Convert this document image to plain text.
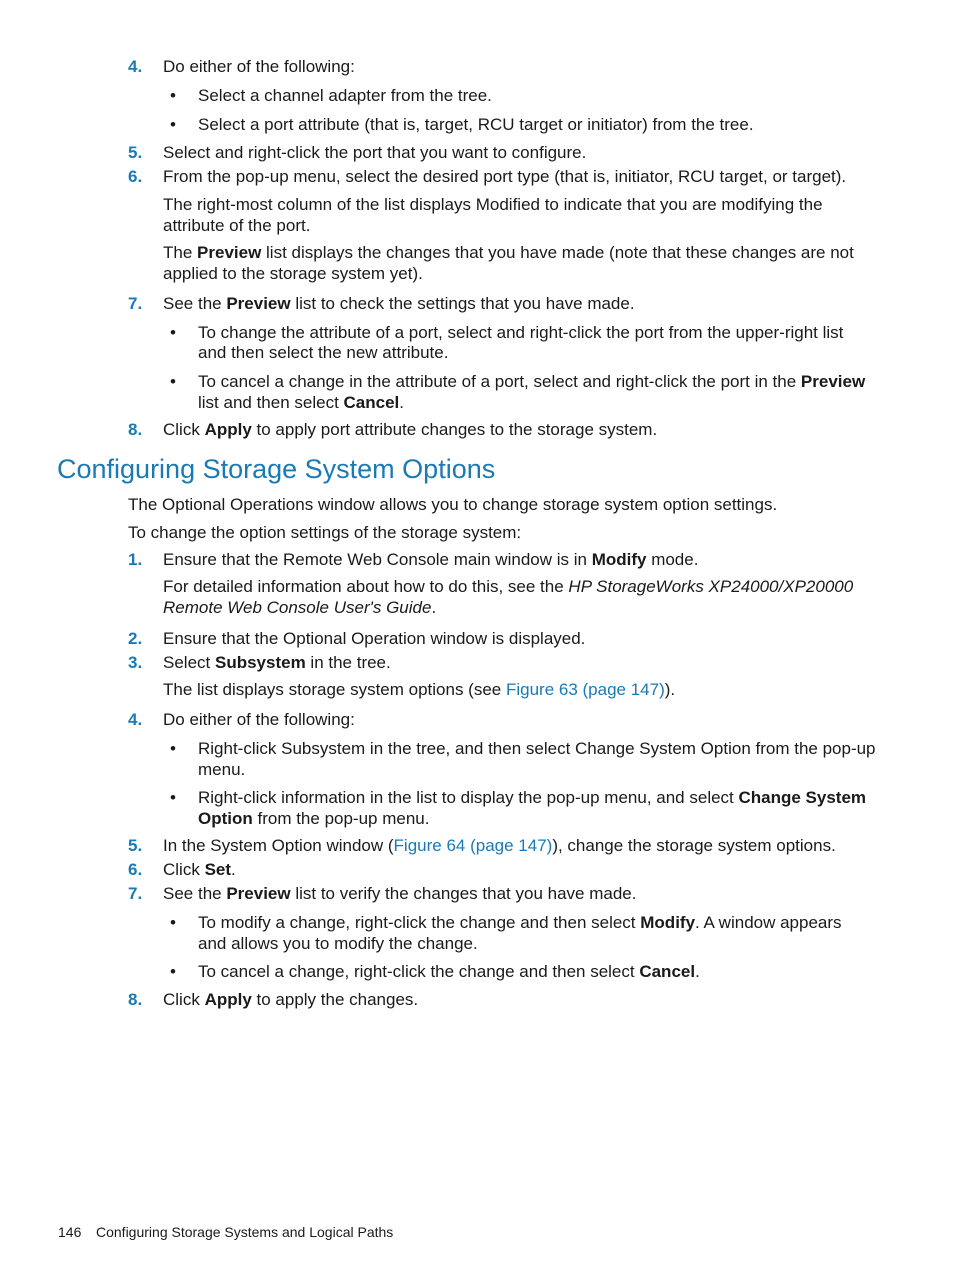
4. Do either of the following:
• Select a channel adapter from the tree.
• Select a port attribute (that is, target, RCU target or initiator) from the tree.
5. Select and right-click the port that you want to configure.
6. From the pop-up menu, select the desired port type (that is, initiator, RCU target, or target).
The right-most column of the list displays Modified to indicate that you are modifying the
attribute of the port.
The Preview list displays the changes that you have made (note that these changes are not
applied to the storage system yet).
7. See the Preview list to check the settings that you have made.
• To change the attribute of a port, select and right-click the port from the upper-right list
and then select the new attribute.
• To cancel a change in the attribute of a port, select and right-click the port in the Preview
list and then select Cancel.
8. Click Apply to apply port attribute changes to the storage system.
Configuring Storage System Options
The Optional Operations window allows you to change storage system option settings.
To change the option settings of the storage system:
1. Ensure that the Remote Web Console main window is in Modify mode.
For detailed information about how to do this, see the HP StorageWorks XP24000/XP20000
Remote Web Console User's Guide.
2. Ensure that the Optional Operation window is displayed.
3. Select Subsystem in the tree.
The list displays storage system options (see Figure 63 (page 147)).
4. Do either of the following:
• Right-click Subsystem in the tree, and then select Change System Option from the pop-up
menu.
• Right-click information in the list to display the pop-up menu, and select Change System
Option from the pop-up menu.
5. In the System Option window (Figure 64 (page 147)), change the storage system options.
6. Click Set.
7. See the Preview list to verify the changes that you have made.
• To modify a change, right-click the change and then select Modify. A window appears
and allows you to modify the change.
• To cancel a change, right-click the change and then select Cancel.
8. Click Apply to apply the changes.
146 Configuring Storage Systems and Logical Paths
